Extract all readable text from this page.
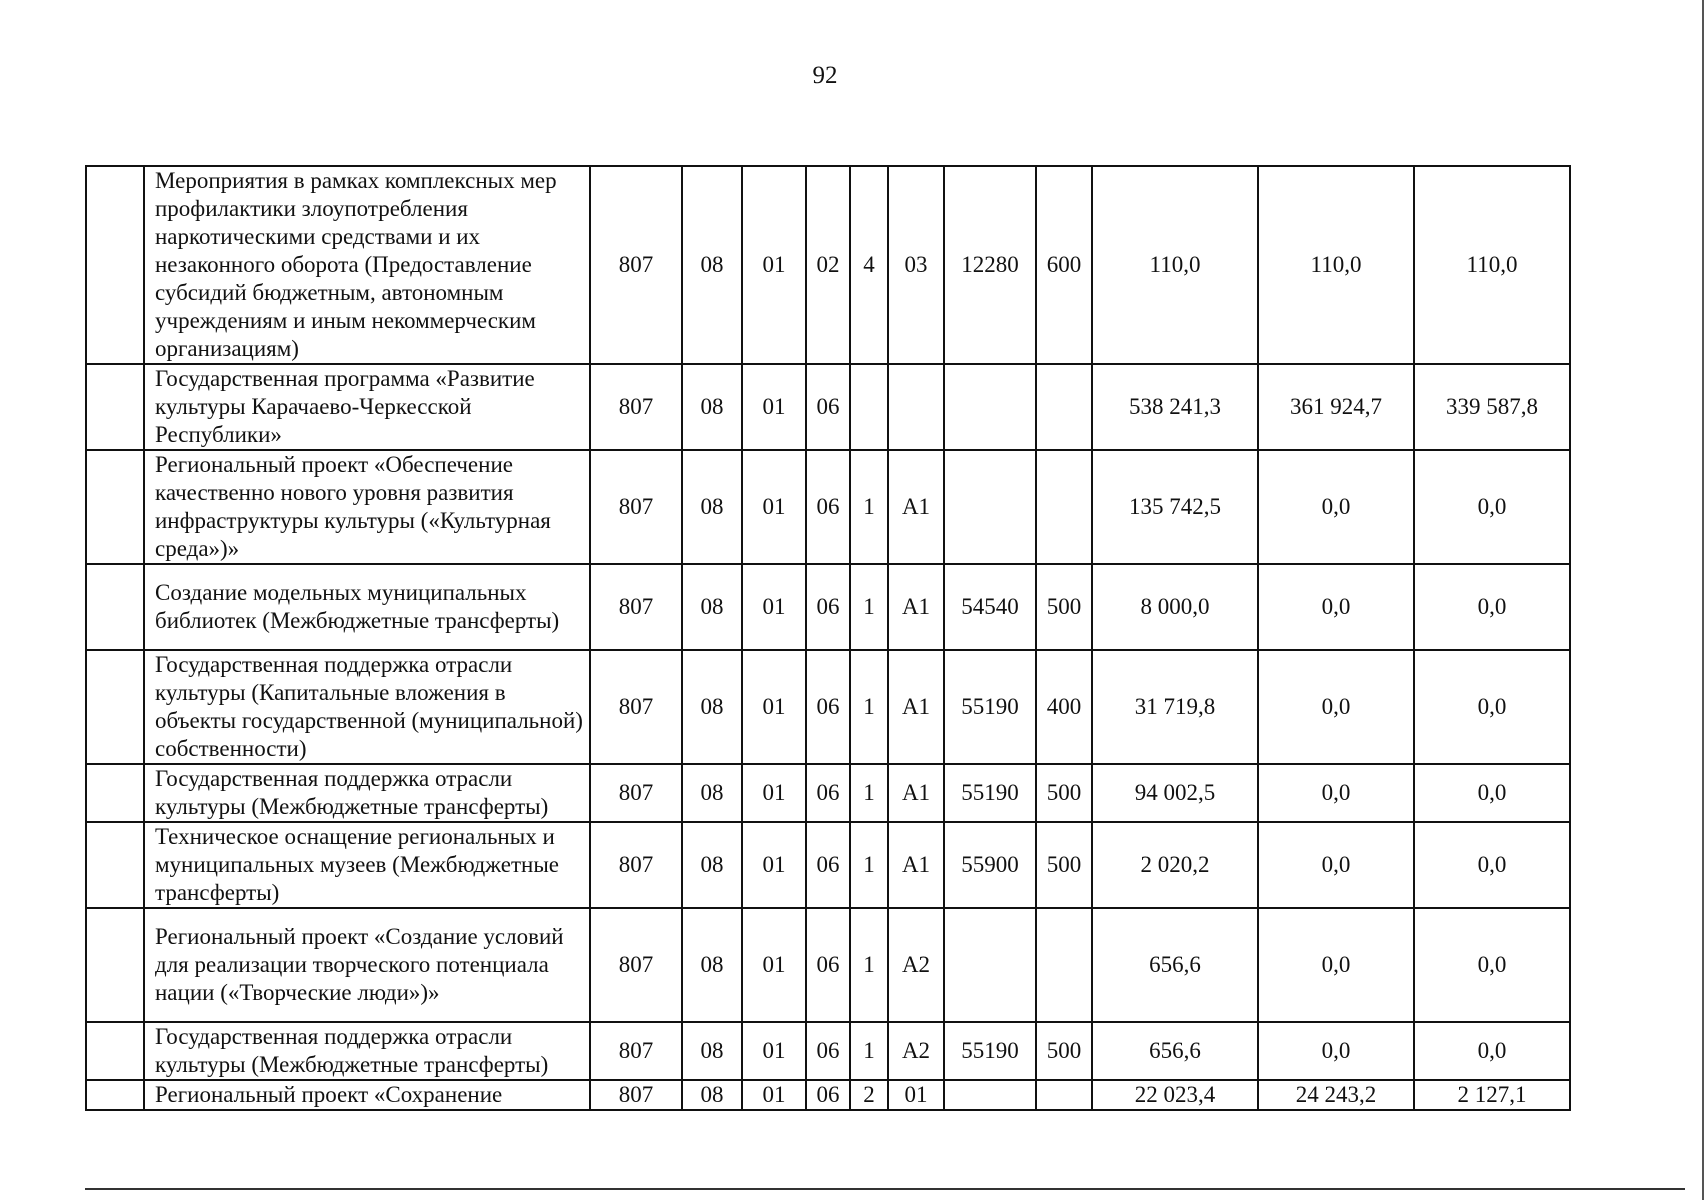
92
	Мероприятия в рамках комплексных мер профилактики злоупотребления наркотическими средствами и их незаконного оборота (Предоставление субсидий бюджетным, автономным учреждениям и иным некоммерческим организациям)	807	08	01	02	4	03	12280	600	110,0	110,0	110,0
	Государственная программа «Развитие культуры Карачаево-Черкесской Республики»	807	08	01	06					538 241,3	361 924,7	339 587,8
	Региональный проект «Обеспечение качественно нового уровня развития инфраструктуры культуры («Культурная среда»)»	807	08	01	06	1	A1			135 742,5	0,0	0,0
	Создание модельных муниципальных библиотек (Межбюджетные трансферты)	807	08	01	06	1	A1	54540	500	8 000,0	0,0	0,0
	Государственная поддержка отрасли культуры (Капитальные вложения в объекты государственной (муниципальной) собственности)	807	08	01	06	1	A1	55190	400	31 719,8	0,0	0,0
	Государственная поддержка отрасли культуры (Межбюджетные трансферты)	807	08	01	06	1	A1	55190	500	94 002,5	0,0	0,0
	Техническое оснащение региональных и муниципальных музеев (Межбюджетные трансферты)	807	08	01	06	1	A1	55900	500	2 020,2	0,0	0,0
	Региональный проект «Создание условий для реализации творческого потенциала нации («Творческие люди»)»	807	08	01	06	1	A2			656,6	0,0	0,0
	Государственная поддержка отрасли культуры (Межбюджетные трансферты)	807	08	01	06	1	A2	55190	500	656,6	0,0	0,0
	Региональный проект «Сохранение	807	08	01	06	2	01			22 023,4	24 243,2	2 127,1
